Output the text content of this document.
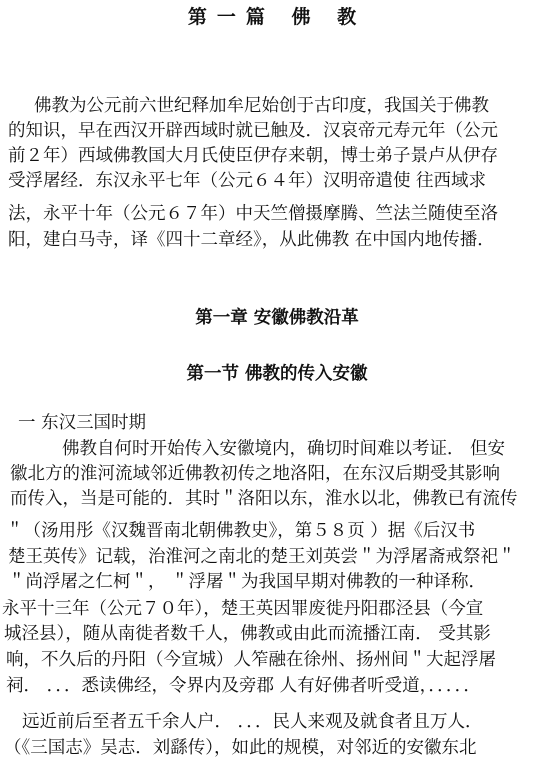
第一篇 佛 教
佛教为公元前六世纪释加牟尼始创于古印度，我国关于佛教
的知识，早在西汉开辟西域时就已触及．汉哀帝元寿元年（公元
前２年）西域佛教国大月氏使臣伊存来朝，博士弟子景卢从伊存
受浮屠经．东汉永平七年（公元６４年）汉明帝遣使 往西域求
法，永平十年（公元６７年）中天竺僧摄摩腾、竺法兰随使至洛
阳，建白马寺，译《四十二章经》，从此佛教 在中国内地传播．
第一章 安徽佛教沿革
第一节 佛教的传入安徽
一 东汉三国时期
佛教自何时开始传入安徽境内，确切时间难以考证． 但安
徽北方的淮河流域邻近佛教初传之地洛阳，在东汉后期受其影响
而传入，当是可能的．其时＂洛阳以东，淮水以北，佛教已有流传
＂（汤用彤《汉魏晋南北朝佛教史》，第５８页 ）据《后汉书
楚王英传》记载，治淮河之南北的楚王刘英尝＂为浮屠斋戒祭祀＂
＂尚浮屠之仁柯＂， ＂浮屠＂为我国早期对佛教的一种译称．
永平十三年（公元７０年），楚王英因罪废徙丹阳郡泾县（今宣
城泾县），随从南徙者数千人，佛教或由此而流播江南． 受其影
响，不久后的丹阳（今宣城）人笮融在徐州、扬州间＂大起浮屠
祠． ．．．悉读佛经，令界内及旁郡 人有好佛者听受道，．．．．．
远近前后至者五千余人户． ．．．民人来观及就食者且万人．
（《三国志》吴志．刘繇传），如此的规模，对邻近的安徽东北
